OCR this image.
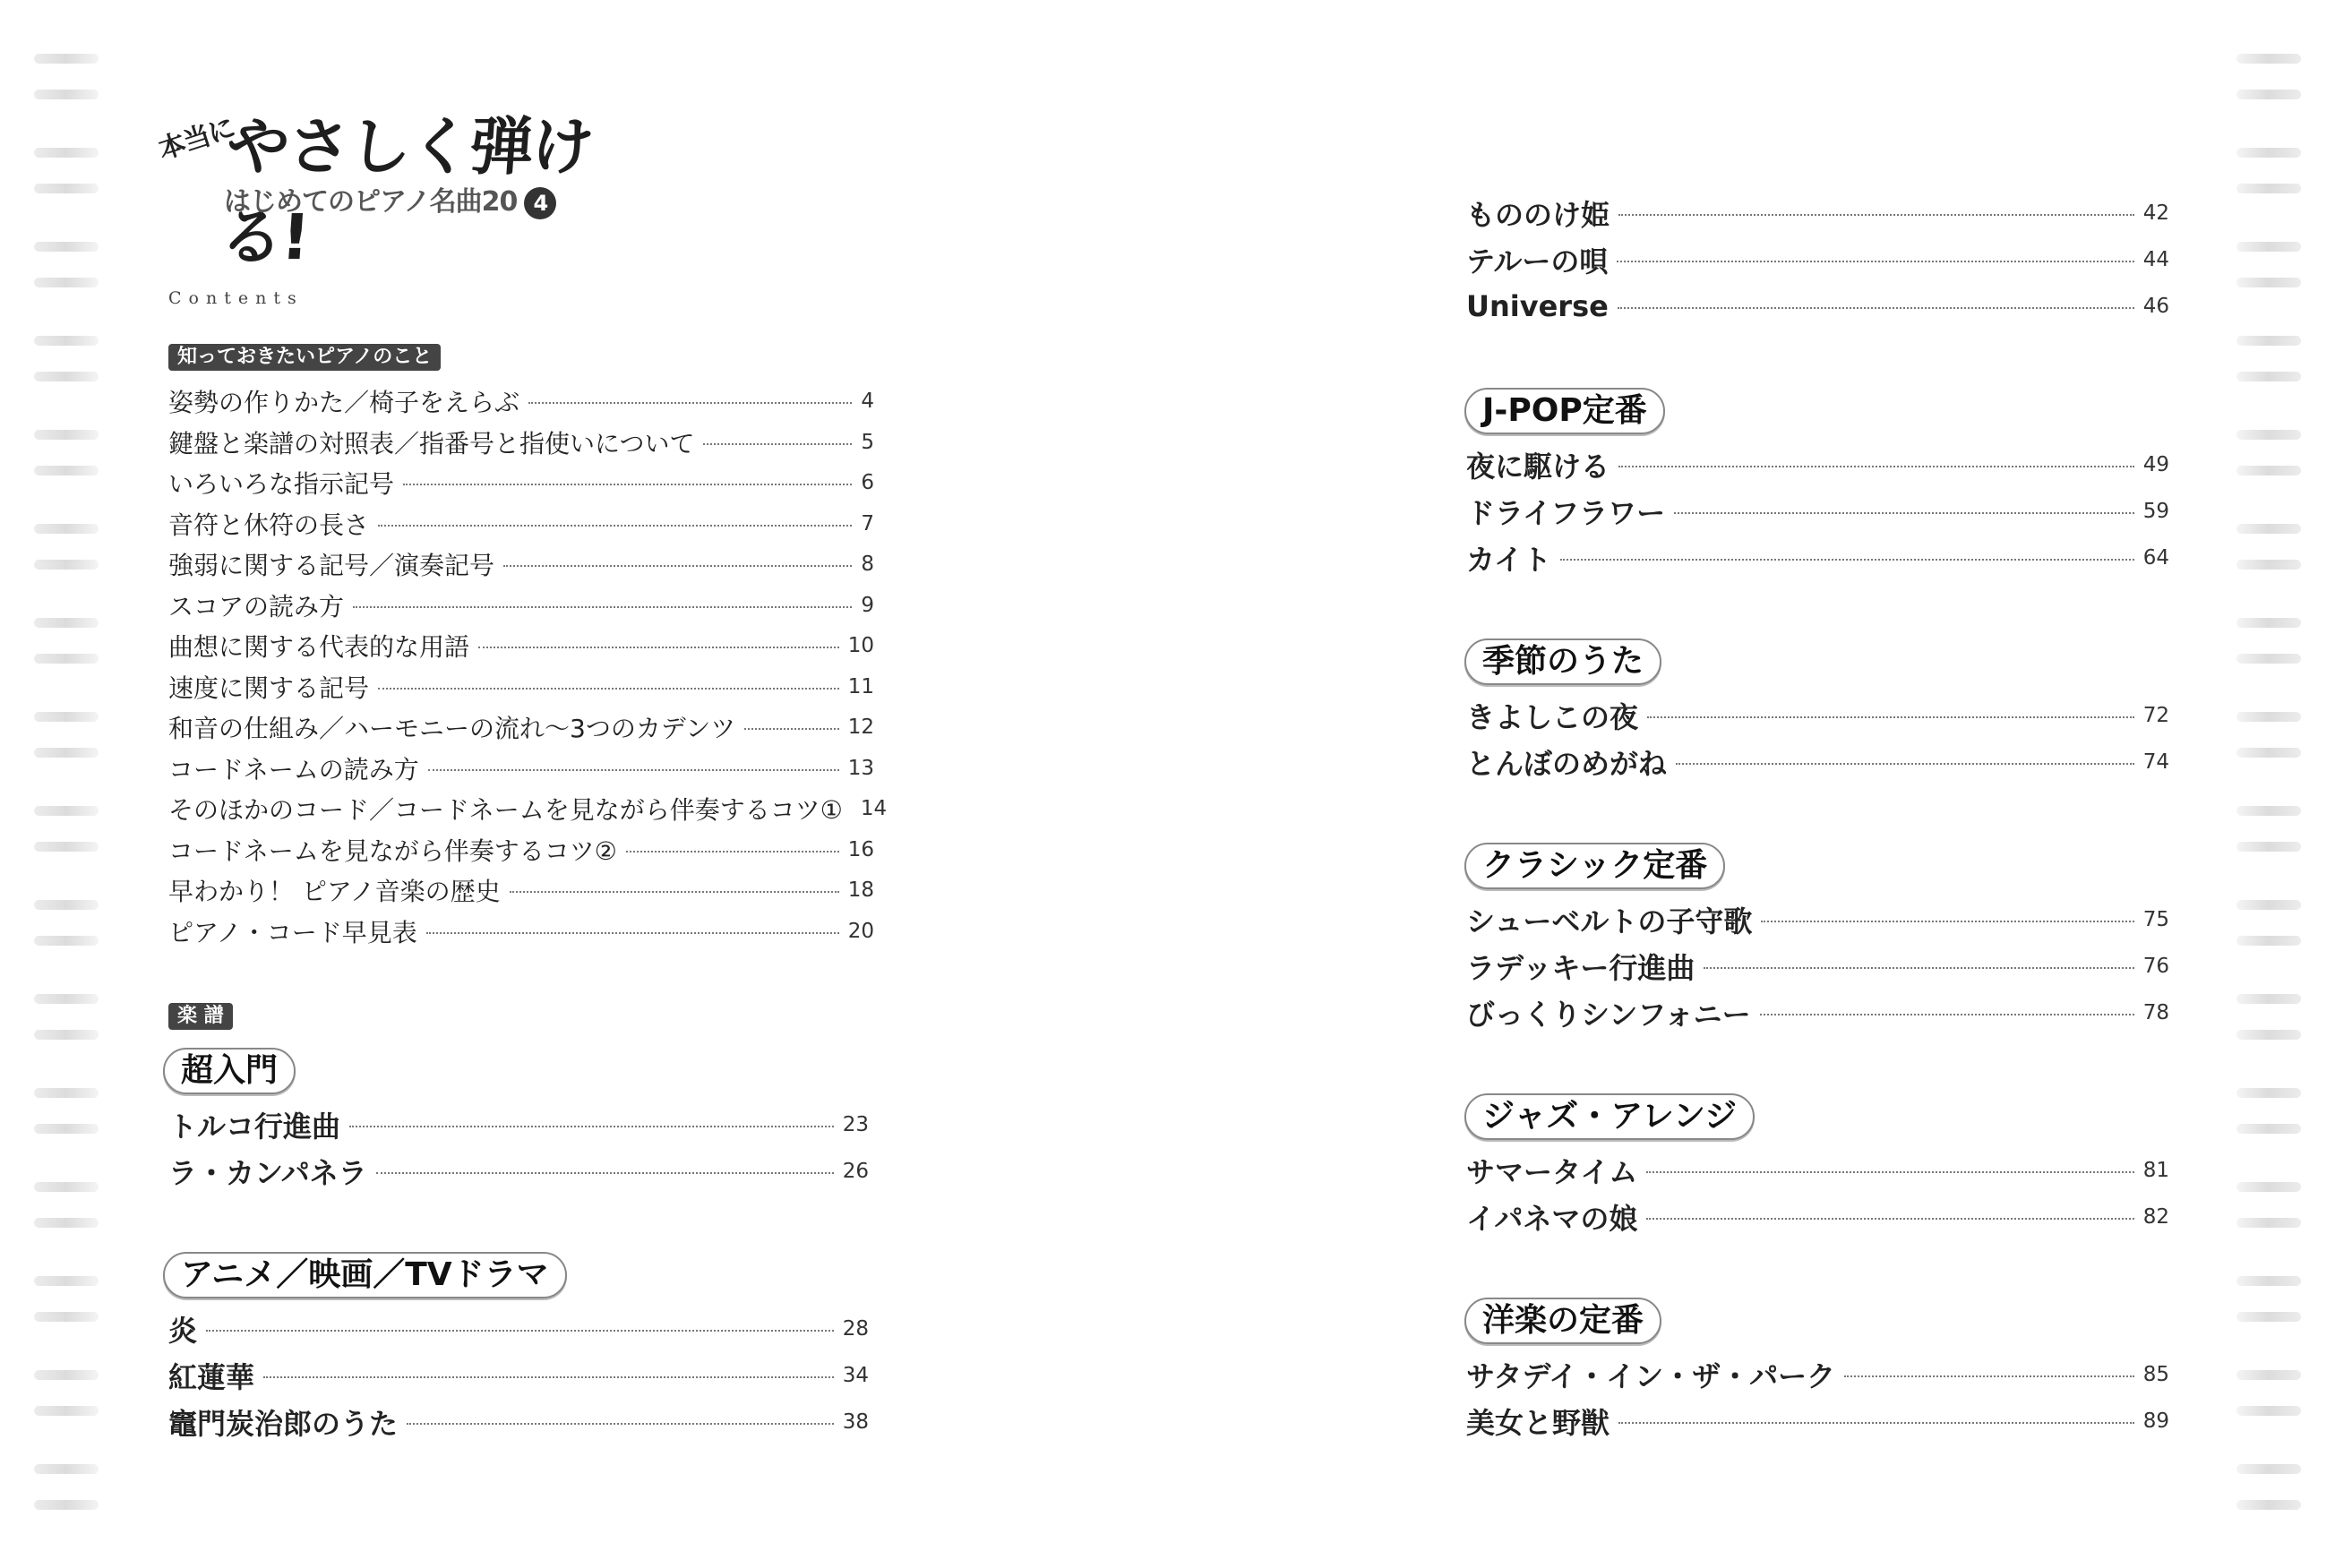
本当に
やさしく弾ける!
はじめてのピアノ名曲20 4
Contents
知っておきたいピアノのこと
楽 譜
姿勢の作りかた／椅子をえらぶ	4
鍵盤と楽譜の対照表／指番号と指使いについて	5
いろいろな指示記号	6
音符と休符の長さ	7
強弱に関する記号／演奏記号	8
スコアの読み方	9
曲想に関する代表的な用語	10
速度に関する記号	11
和音の仕組み／ハーモニーの流れ〜3つのカデンツ	12
コードネームの読み方	13
そのほかのコード／コードネームを見ながら伴奏するコツ① 14
コードネームを見ながら伴奏するコツ②	16
早わかり！ ピアノ音楽の歴史	18
ピアノ・コード早見表	20
超入門
トルコ行進曲	23
ラ・カンパネラ	26
アニメ／映画／TVドラマ
炎	28
紅蓮華	34
竈門炭治郎のうた	38
もののけ姫	42
テルーの唄	44
Universe	46
J-POP定番
夜に駆ける	49
ドライフラワー	59
カイト	64
季節のうた
きよしこの夜	72
とんぼのめがね	74
クラシック定番
シューベルトの子守歌	75
ラデッキー行進曲	76
びっくりシンフォニー	78
ジャズ・アレンジ
サマータイム	81
イパネマの娘	82
洋楽の定番
サタデイ・イン・ザ・パーク	85
美女と野獣	89
